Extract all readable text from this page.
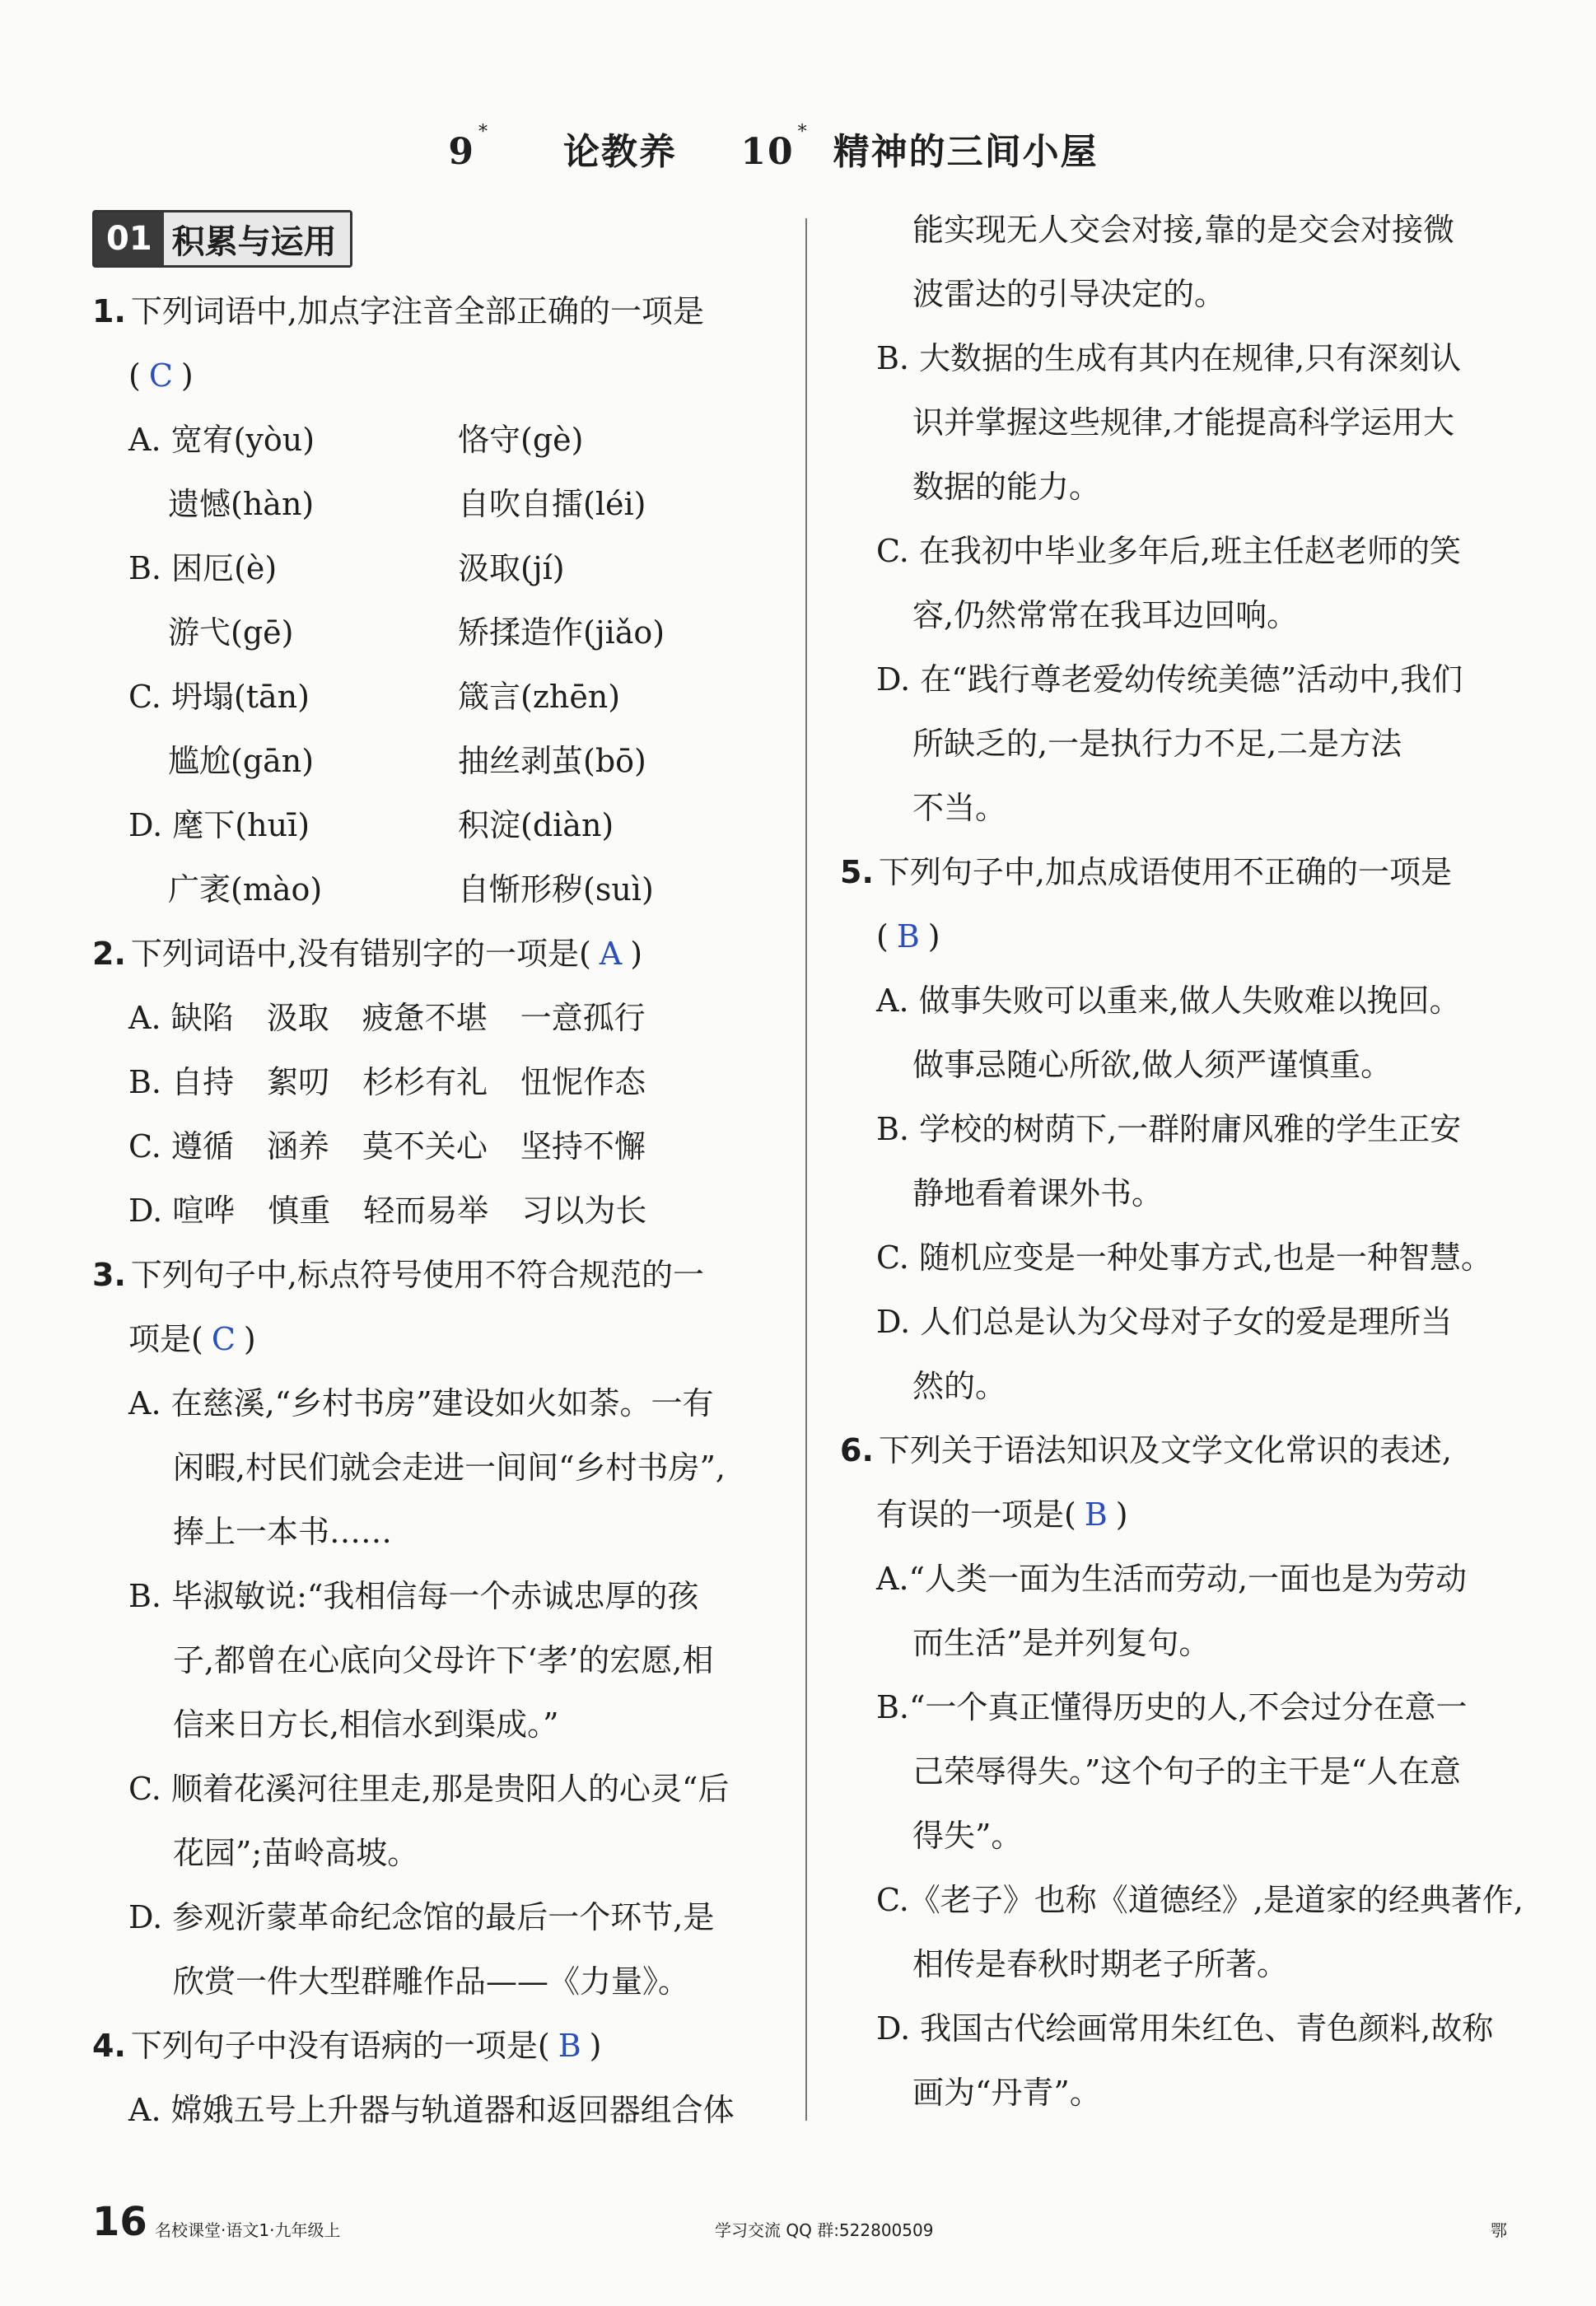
9 * 论教养 10 * 精神的三间小屋
01 积累与运用
1. 下列词语中,加点字注音全部正确的一项是
( C )
A. 宽宥(yòu)	恪守(gè)
遗憾(hàn)	自吹自擂(léi)
B. 困厄(è)	汲取(jí)
游弋(gē)	矫揉造作(jiǎo)
C. 坍塌(tān)	箴言(zhēn)
尴尬(gān)	抽丝剥茧(bō)
D. 麾下(huī)	积淀(diàn)
广袤(mào)	自惭形秽(suì)
2. 下列词语中,没有错别字的一项是( A )
A. 缺陷 汲取 疲惫不堪 一意孤行
B. 自持 絮叨 杉杉有礼 忸怩作态
C. 遵循 涵养 莫不关心 坚持不懈
D. 喧哗 慎重 轻而易举 习以为长
3. 下列句子中,标点符号使用不符合规范的一
项是( C )
A. 在慈溪,“乡村书房”建设如火如荼。一有
闲暇,村民们就会走进一间间“乡村书房”,
捧上一本书……
B. 毕淑敏说:“我相信每一个赤诚忠厚的孩
子,都曾在心底向父母许下‘孝’的宏愿,相
信来日方长,相信水到渠成。”
C. 顺着花溪河往里走,那是贵阳人的心灵“后
花园”;苗岭高坡。
D. 参观沂蒙革命纪念馆的最后一个环节,是
欣赏一件大型群雕作品——《力量》。
4. 下列句子中没有语病的一项是( B )
A. 嫦娥五号上升器与轨道器和返回器组合体
能实现无人交会对接,靠的是交会对接微
波雷达的引导决定的。
B. 大数据的生成有其内在规律,只有深刻认
识并掌握这些规律,才能提高科学运用大
数据的能力。
C. 在我初中毕业多年后,班主任赵老师的笑
容,仍然常常在我耳边回响。
D. 在“践行尊老爱幼传统美德”活动中,我们
所缺乏的,一是执行力不足,二是方法
不当。
5. 下列句子中,加点成语使用不正确的一项是
( B )
A. 做事失败可以重来,做人失败难以挽回。
做事忌随心所欲,做人须严谨慎重。
B. 学校的树荫下,一群附庸风雅的学生正安
静地看着课外书。
C. 随机应变是一种处事方式,也是一种智慧。
D. 人们总是认为父母对子女的爱是理所当
然的。
6. 下列关于语法知识及文学文化常识的表述,
有误的一项是( B )
A.“人类一面为生活而劳动,一面也是为劳动
而生活”是并列复句。
B.“一个真正懂得历史的人,不会过分在意一
己荣辱得失。”这个句子的主干是“人在意
得失”。
C.《老子》也称《道德经》,是道家的经典著作,
相传是春秋时期老子所著。
D. 我国古代绘画常用朱红色、青色颜料,故称
画为“丹青”。
16 名校课堂·语文1·九年级上	学习交流 QQ 群:522800509	鄂
